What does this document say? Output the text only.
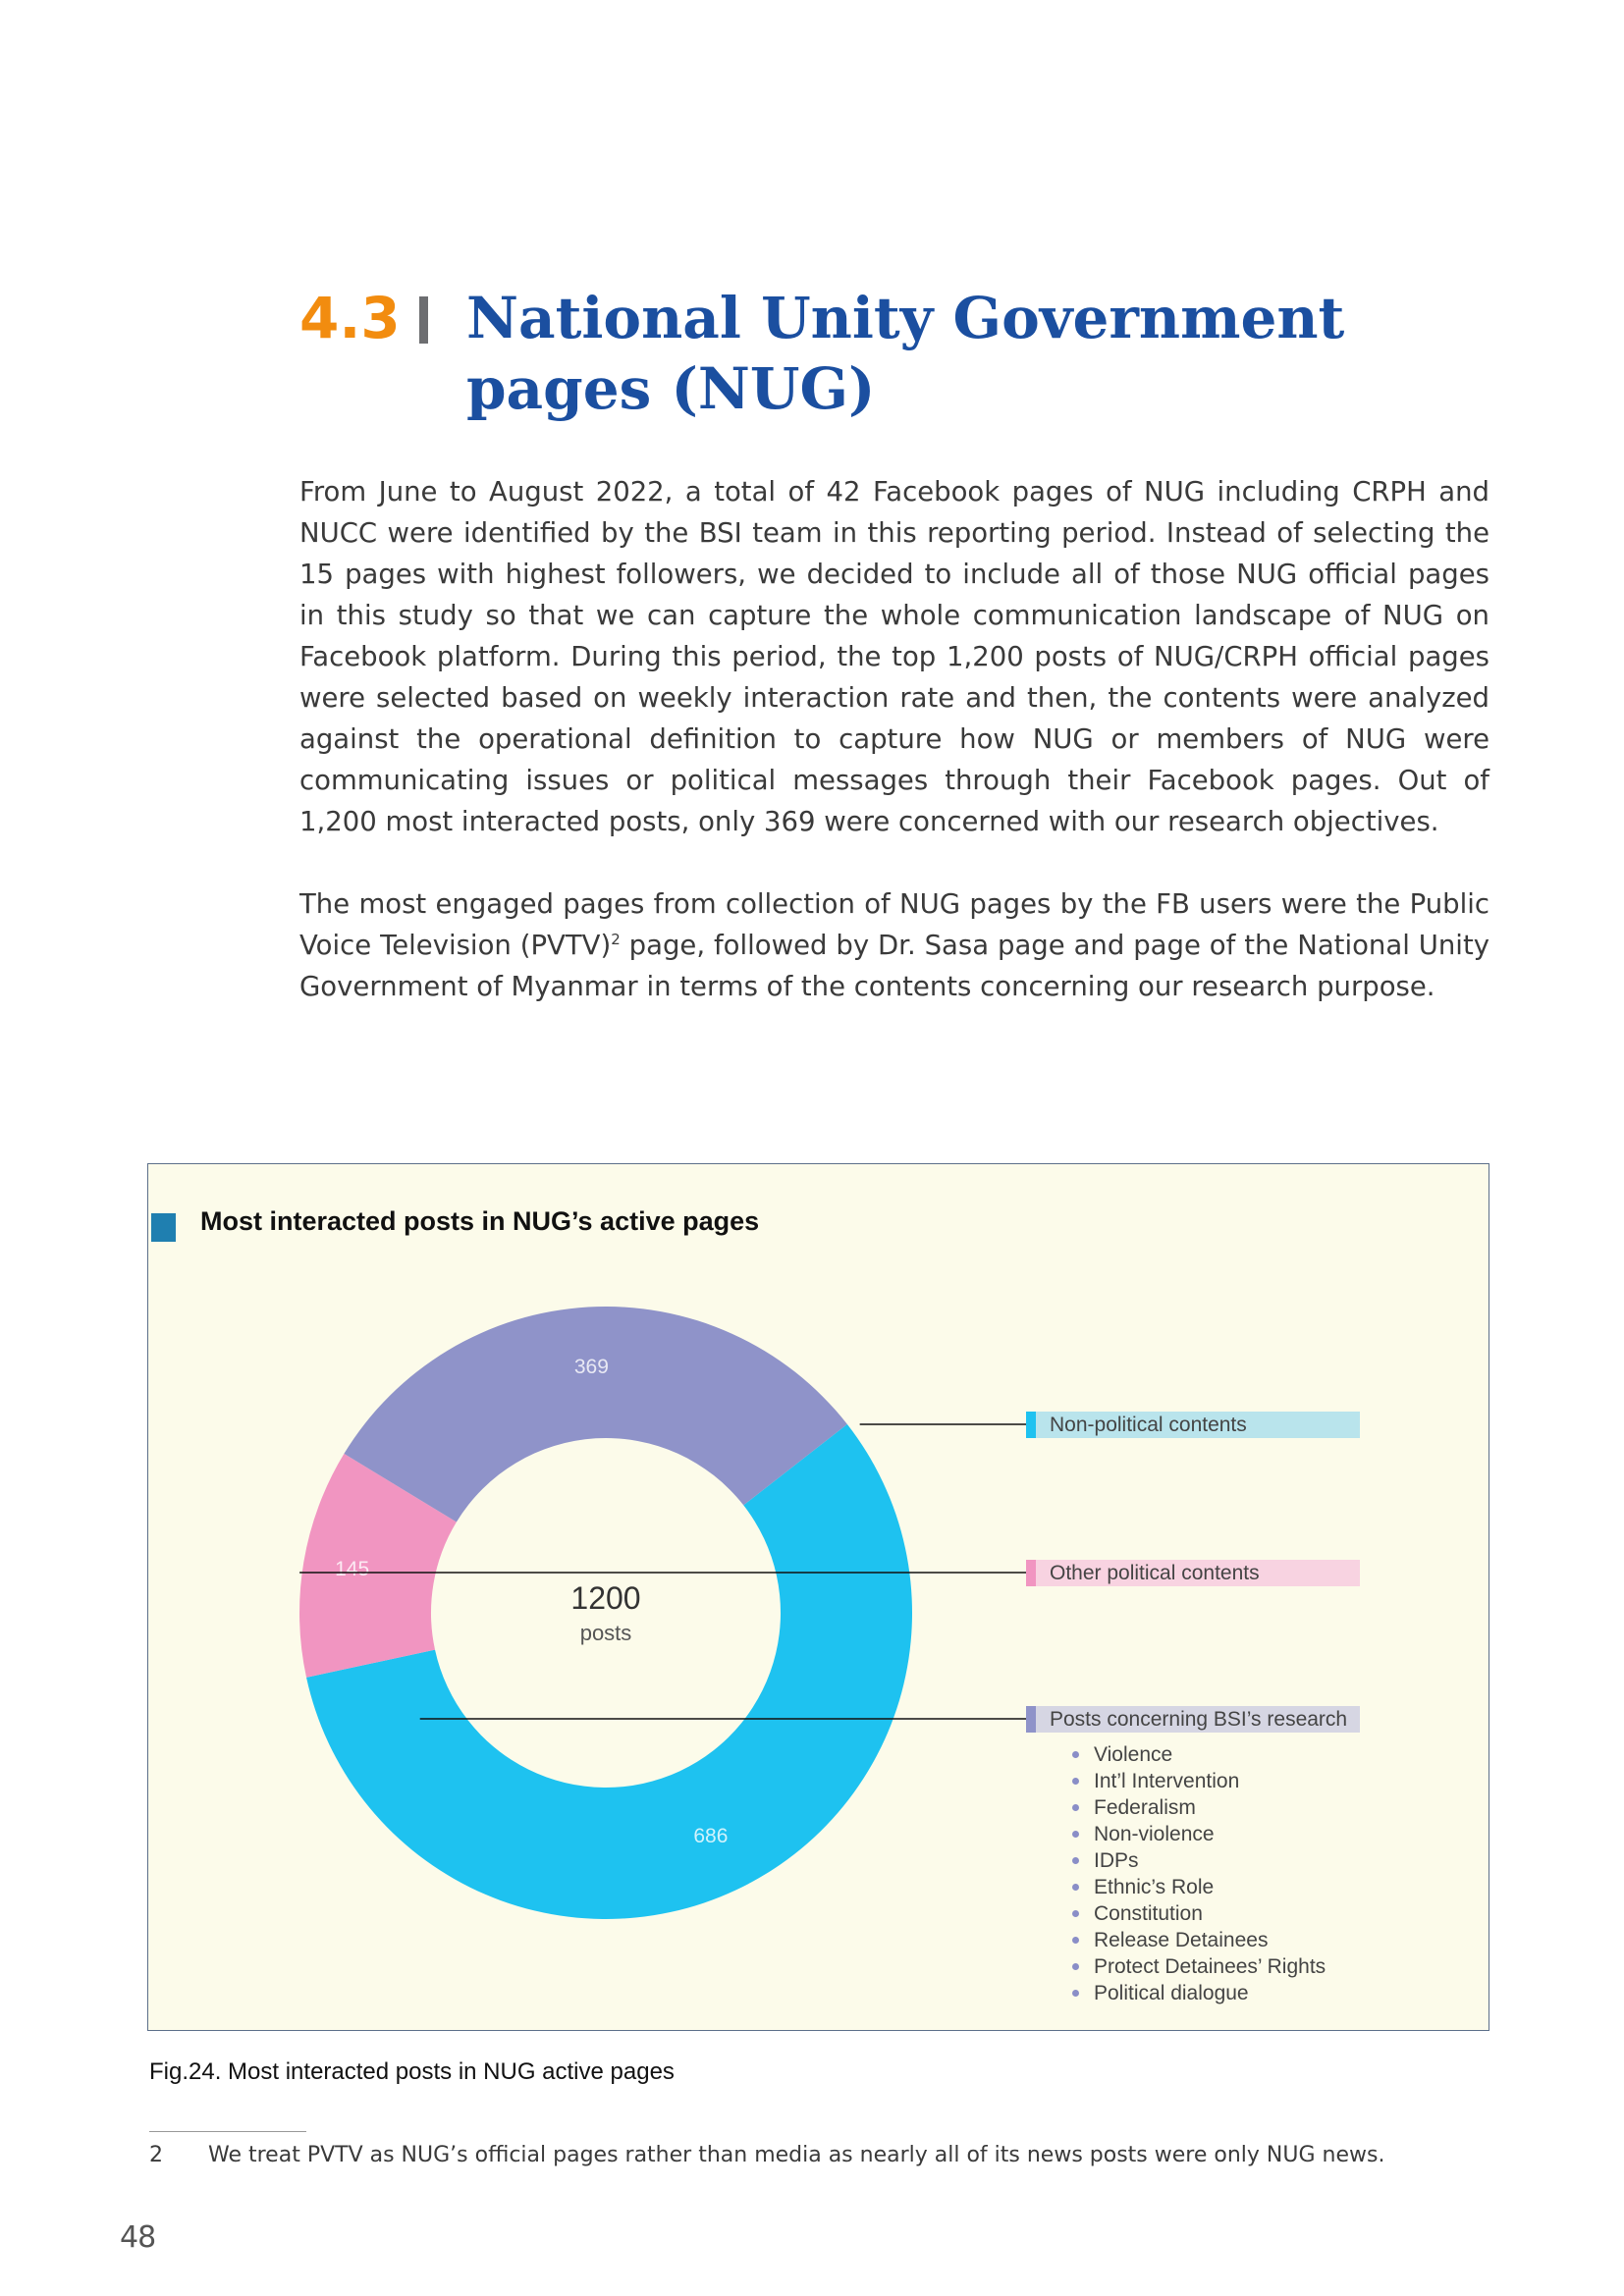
4.3 National Unity Government pages (NUG)

From June to August 2022, a total of 42 Facebook pages of NUG including CRPH and NUCC were identified by the BSI team in this reporting period. Instead of selecting the 15 pages with highest followers, we decided to include all of those NUG official pages in this study so that we can capture the whole communication landscape of NUG on Facebook platform. During this period, the top 1,200 posts of NUG/CRPH official pages were selected based on weekly interaction rate and then, the contents were analyzed against the operational definition to capture how NUG or members of NUG were communicating issues or political messages through their Facebook pages. Out of 1,200 most interacted posts, only 369 were concerned with our research objectives.

The most engaged pages from collection of NUG pages by the FB users were the Public Voice Television (PVTV)$^2$ page, followed by Dr. Sasa page and page of the National Unity Government of Myanmar in terms of the contents concerning our research purpose.

Most interacted posts in NUG’s active pages
686
145
369
1200
posts
Non-political contents
Other political contents
Posts concerning BSI’s research
Violence
Int’l Intervention
Federalism
Non-violence
IDPs
Ethnic’s Role
Constitution
Release Detainees
Protect Detainees’ Rights
Political dialogue
Fig.24. Most interacted posts in NUG active pages
2 We treat PVTV as NUG’s official pages rather than media as nearly all of its news posts were only NUG news.
48
